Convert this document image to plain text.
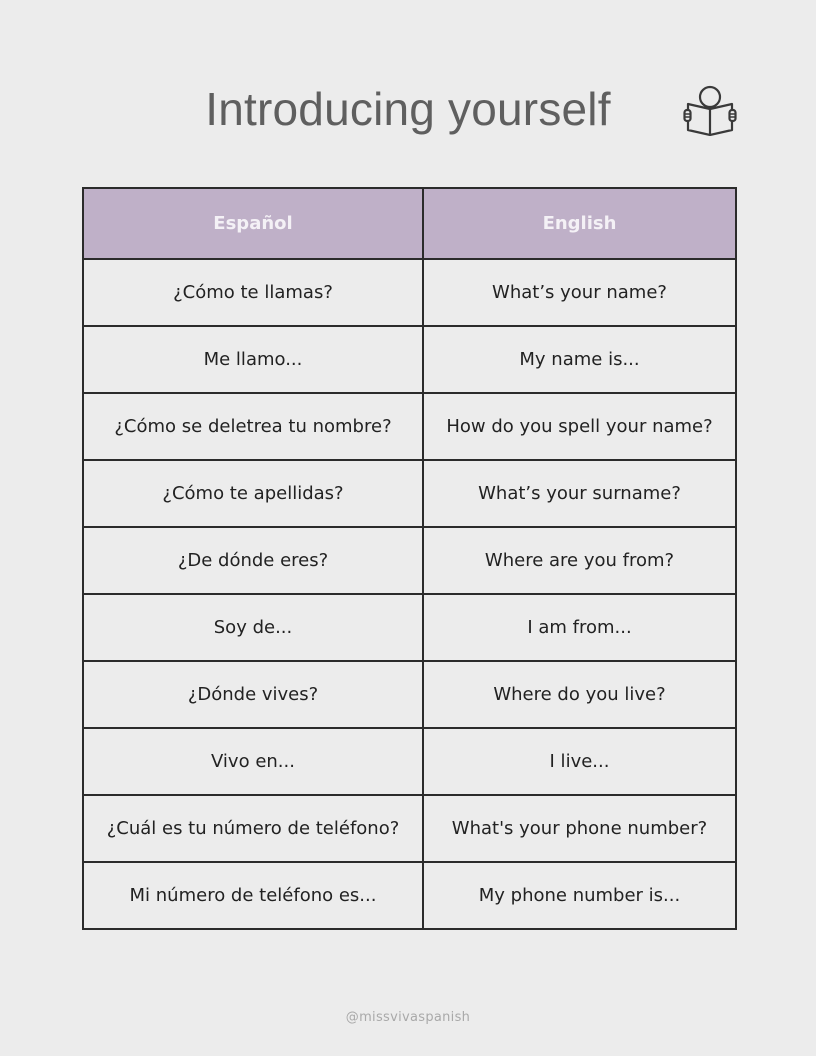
Introducing yourself
Español	English
¿Cómo te llamas?	What’s your name?
Me llamo...	My name is...
¿Cómo se deletrea tu nombre?	How do you spell your name?
¿Cómo te apellidas?	What’s your surname?
¿De dónde eres?	Where are you from?
Soy de...	I am from...
¿Dónde vives?	Where do you live?
Vivo en...	I live...
¿Cuál es tu número de teléfono?	What's your phone number?
Mi número de teléfono es...	My phone number is...
@missvivaspanish
